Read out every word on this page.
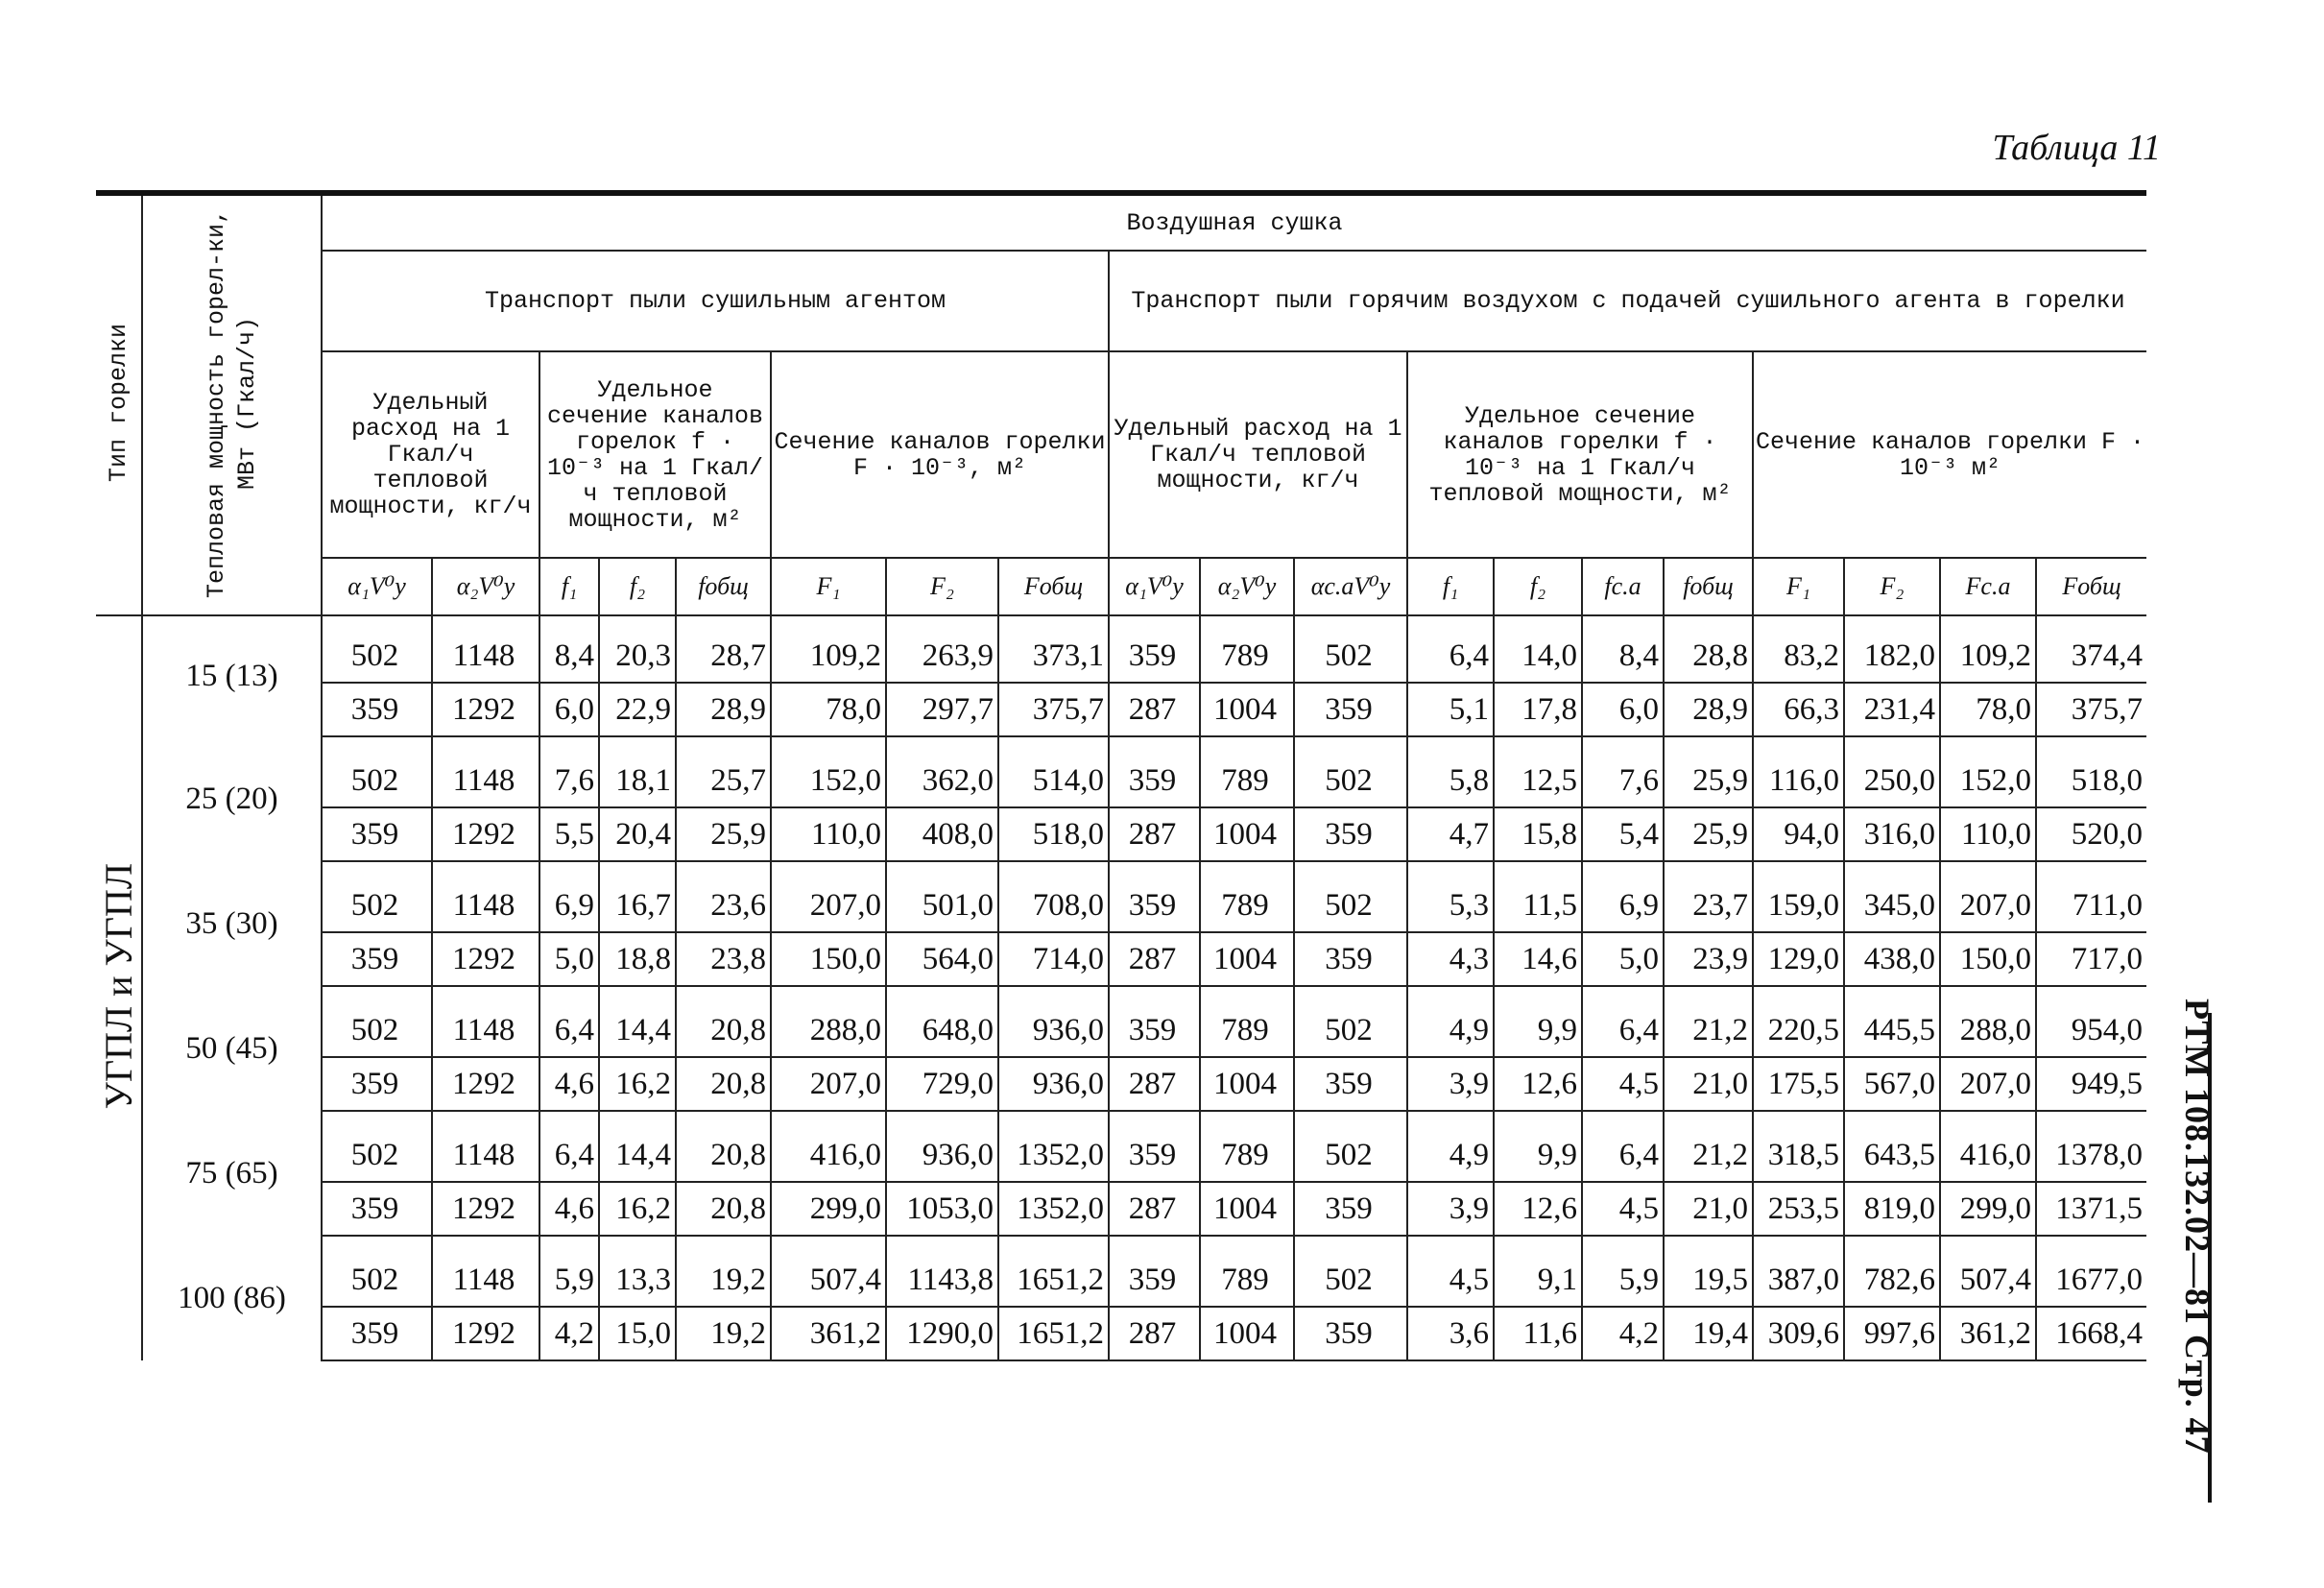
Таблица 11
РТМ 108.132.02—81 Стр. 47
Тип горелки	Тепловая мощность горел-ки, МВт (Гкал/ч)	Воздушная сушка																		
		Транспорт пыли сушильным агентом								Транспорт пыли горячим воздухом с подачей сушильного агента в горелки										
		Удельный расход на 1 Гкал/ч тепловой мощности, кг/ч		Удельное сечение каналов горелок f · 10⁻³ на 1 Гкал/ч тепловой мощности, м²			Сечение каналов горелки F · 10⁻³, м²			Удельный расход на 1 Гкал/ч тепловой мощности, кг/ч			Удельное сечение каналов горелки f · 10⁻³ на 1 Гкал/ч тепловой мощности, м²				Сечение каналов горелки F · 10⁻³ м²			
		α₁V⁰у	α₂V⁰у	f₁	f₂	fобщ	F₁	F₂	Fобщ	α₁V⁰у	α₂V⁰у	αс.аV⁰у	f₁	f₂	fс.а	fобщ	F₁	F₂	Fс.а	Fобщ
УГПЛ и УГПЛ	15 (13)	502	1148	8,4	20,3	28,7	109,2	263,9	373,1	359	789	502	6,4	14,0	8,4	28,8	83,2	182,0	109,2	374,4
		359	1292	6,0	22,9	28,9	78,0	297,7	375,7	287	1004	359	5,1	17,8	6,0	28,9	66,3	231,4	78,0	375,7
	25 (20)	502	1148	7,6	18,1	25,7	152,0	362,0	514,0	359	789	502	5,8	12,5	7,6	25,9	116,0	250,0	152,0	518,0
		359	1292	5,5	20,4	25,9	110,0	408,0	518,0	287	1004	359	4,7	15,8	5,4	25,9	94,0	316,0	110,0	520,0
	35 (30)	502	1148	6,9	16,7	23,6	207,0	501,0	708,0	359	789	502	5,3	11,5	6,9	23,7	159,0	345,0	207,0	711,0
		359	1292	5,0	18,8	23,8	150,0	564,0	714,0	287	1004	359	4,3	14,6	5,0	23,9	129,0	438,0	150,0	717,0
	50 (45)	502	1148	6,4	14,4	20,8	288,0	648,0	936,0	359	789	502	4,9	9,9	6,4	21,2	220,5	445,5	288,0	954,0
		359	1292	4,6	16,2	20,8	207,0	729,0	936,0	287	1004	359	3,9	12,6	4,5	21,0	175,5	567,0	207,0	949,5
	75 (65)	502	1148	6,4	14,4	20,8	416,0	936,0	1352,0	359	789	502	4,9	9,9	6,4	21,2	318,5	643,5	416,0	1378,0
		359	1292	4,6	16,2	20,8	299,0	1053,0	1352,0	287	1004	359	3,9	12,6	4,5	21,0	253,5	819,0	299,0	1371,5
	100 (86)	502	1148	5,9	13,3	19,2	507,4	1143,8	1651,2	359	789	502	4,5	9,1	5,9	19,5	387,0	782,6	507,4	1677,0
		359	1292	4,2	15,0	19,2	361,2	1290,0	1651,2	287	1004	359	3,6	11,6	4,2	19,4	309,6	997,6	361,2	1668,4
